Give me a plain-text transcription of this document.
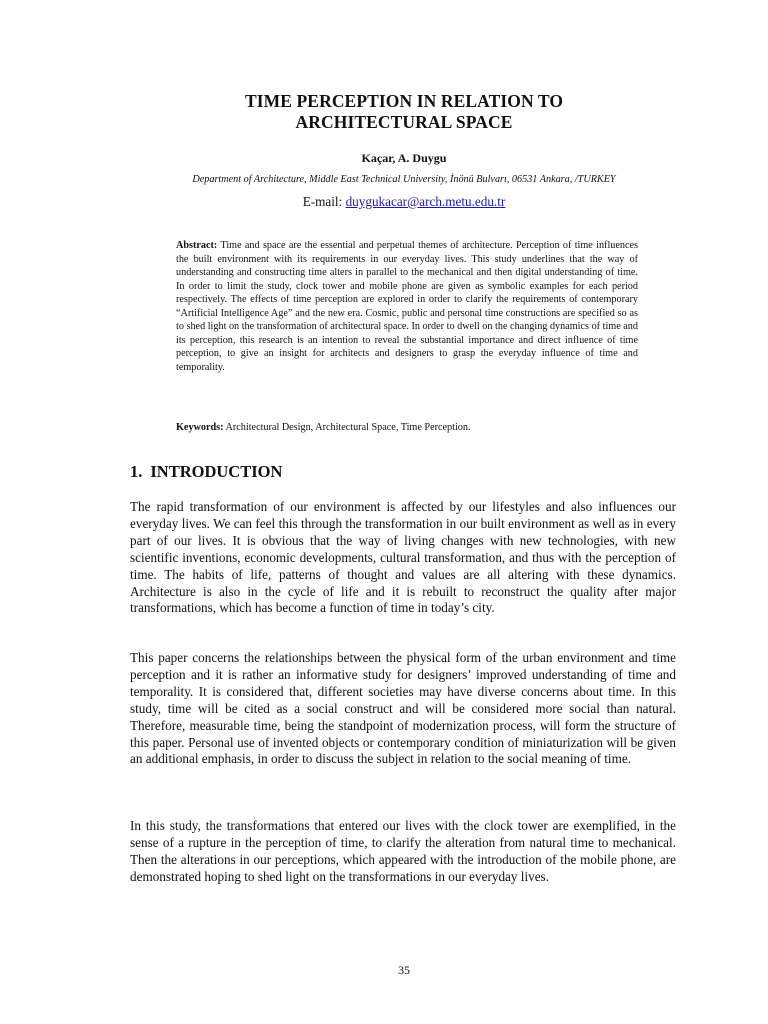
TIME PERCEPTION IN RELATION TO
ARCHITECTURAL SPACE
Kaçar, A. Duygu
Department of Architecture, Middle East Technical University, İnönü Bulvarı, 06531 Ankara, /TURKEY
E-mail: duygukacar@arch.metu.edu.tr

Abstract: Time and space are the essential and perpetual themes of architecture. Perception of time influences the built environment with its requirements in our everyday lives. This study underlines that the way of understanding and constructing time alters in parallel to the mechanical and then digital understanding of time. In order to limit the study, clock tower and mobile phone are given as symbolic examples for each period respectively. The effects of time perception are explored in order to clarify the requirements of contemporary “Artificial Intelligence Age” and the new era. Cosmic, public and personal time constructions are specified so as to shed light on the transformation of architectural space. In order to dwell on the changing dynamics of time and its perception, this research is an intention to reveal the substantial importance and direct influence of time perception, to give an insight for architects and designers to grasp the everyday influence of time and temporality.

Keywords: Architectural Design, Architectural Space, Time Perception.
1. INTRODUCTION

The rapid transformation of our environment is affected by our lifestyles and also influences our everyday lives. We can feel this through the transformation in our built environment as well as in every part of our lives. It is obvious that the way of living changes with new technologies, with new scientific inventions, economic developments, cultural transformation, and thus with the perception of time. The habits of life, patterns of thought and values are all altering with these dynamics. Architecture is also in the cycle of life and it is rebuilt to reconstruct the quality after major transformations, which has become a function of time in today’s city.

This paper concerns the relationships between the physical form of the urban environment and time perception and it is rather an informative study for designers’ improved understanding of time and temporality. It is considered that, different societies may have diverse concerns about time. In this study, time will be cited as a social construct and will be considered more social than natural. Therefore, measurable time, being the standpoint of modernization process, will form the structure of this paper. Personal use of invented objects or contemporary condition of miniaturization will be given an additional emphasis, in order to discuss the subject in relation to the social meaning of time.

In this study, the transformations that entered our lives with the clock tower are exemplified, in the sense of a rupture in the perception of time, to clarify the alteration from natural time to mechanical. Then the alterations in our perceptions, which appeared with the introduction of the mobile phone, are demonstrated hoping to shed light on the transformations in our everyday lives.

35
